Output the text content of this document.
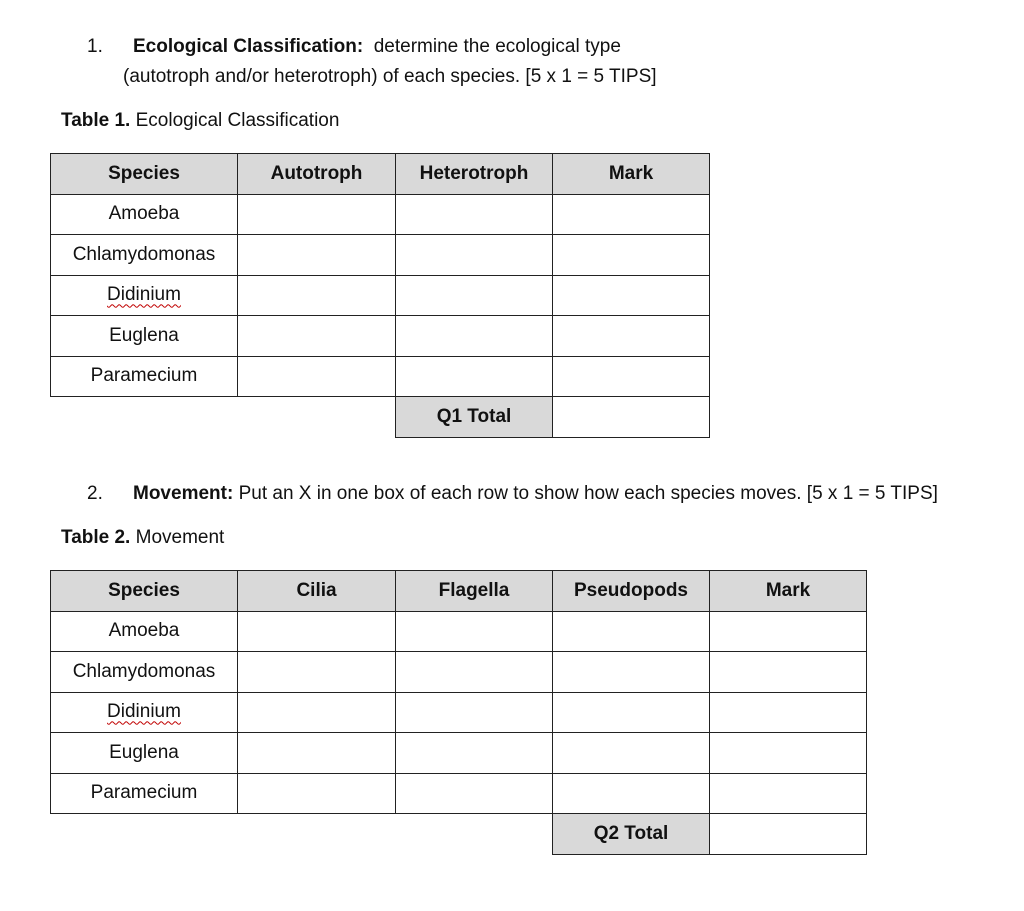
1. Ecological Classification: determine the ecological type
(autotroph and/or heterotroph) of each species. [5 x 1 = 5 TIPS]
Table 1. Ecological Classification
Species	Autotroph	Heterotroph	Mark
Amoeba			
Chlamydomonas			
Didinium			
Euglena			
Paramecium			
		Q1 Total	
2. Movement: Put an X in one box of each row to show how each species moves. [5 x 1 = 5 TIPS]
Table 2. Movement
Species	Cilia	Flagella	Pseudopods	Mark
Amoeba				
Chlamydomonas				
Didinium				
Euglena				
Paramecium				
			Q2 Total	
